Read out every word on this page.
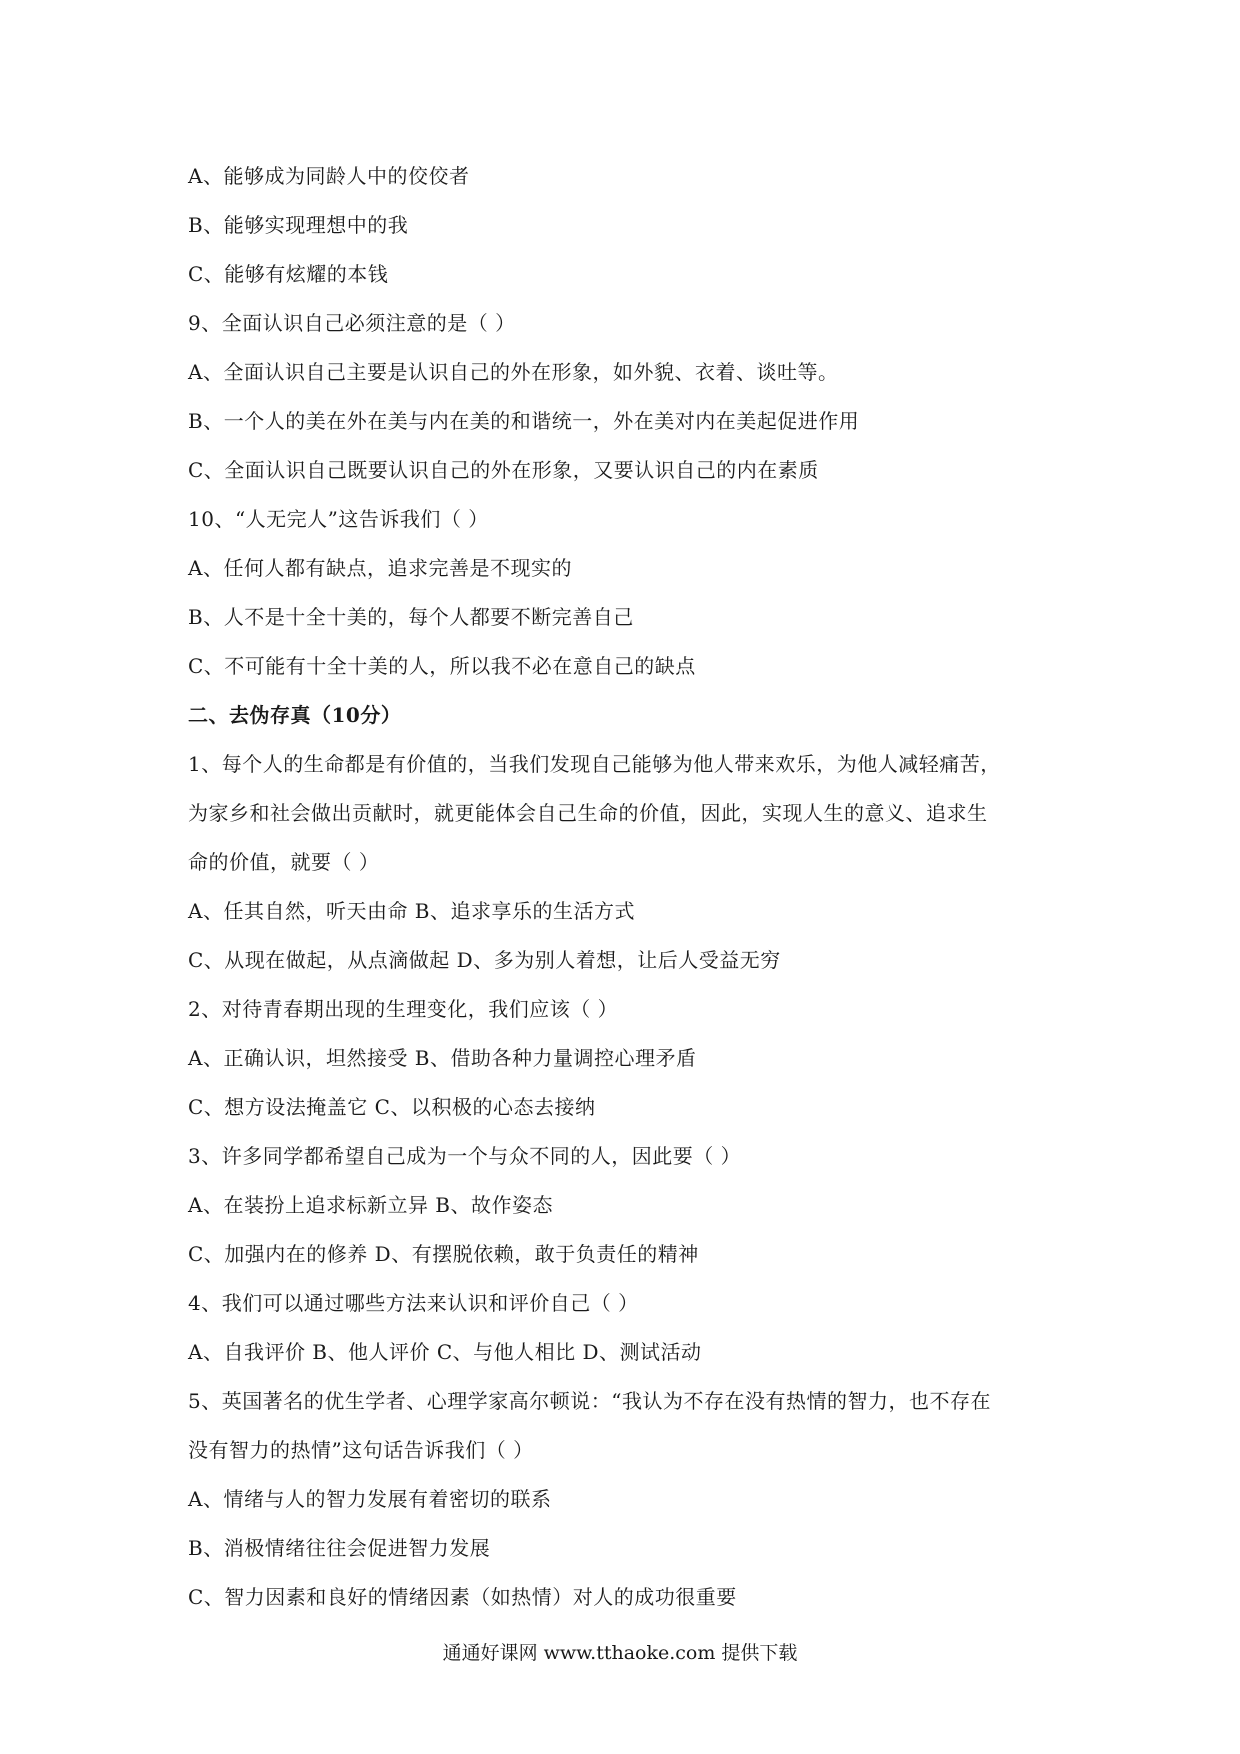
A、能够成为同龄人中的佼佼者
B、能够实现理想中的我
C、能够有炫耀的本钱
9、全面认识自己必须注意的是（ ）
A、全面认识自己主要是认识自己的外在形象，如外貌、衣着、谈吐等。
B、一个人的美在外在美与内在美的和谐统一，外在美对内在美起促进作用
C、全面认识自己既要认识自己的外在形象，又要认识自己的内在素质
10、“人无完人”这告诉我们（ ）
A、任何人都有缺点，追求完善是不现实的
B、人不是十全十美的，每个人都要不断完善自己
C、不可能有十全十美的人，所以我不必在意自己的缺点
二、去伪存真（10分）
1、每个人的生命都是有价值的，当我们发现自己能够为他人带来欢乐，为他人减轻痛苦，
为家乡和社会做出贡献时，就更能体会自己生命的价值，因此，实现人生的意义、追求生
命的价值，就要（ ）
A、任其自然，听天由命 B、追求享乐的生活方式
C、从现在做起，从点滴做起 D、多为别人着想，让后人受益无穷
2、对待青春期出现的生理变化，我们应该（ ）
A、正确认识，坦然接受 B、借助各种力量调控心理矛盾
C、想方设法掩盖它 C、以积极的心态去接纳
3、许多同学都希望自己成为一个与众不同的人，因此要（ ）
A、在装扮上追求标新立异 B、故作姿态
C、加强内在的修养 D、有摆脱依赖，敢于负责任的精神
4、我们可以通过哪些方法来认识和评价自己（ ）
A、自我评价 B、他人评价 C、与他人相比 D、测试活动
5、英国著名的优生学者、心理学家高尔顿说：“我认为不存在没有热情的智力，也不存在
没有智力的热情”这句话告诉我们（ ）
A、情绪与人的智力发展有着密切的联系
B、消极情绪往往会促进智力发展
C、智力因素和良好的情绪因素（如热情）对人的成功很重要
通通好课网 www.tthaoke.com 提供下载
